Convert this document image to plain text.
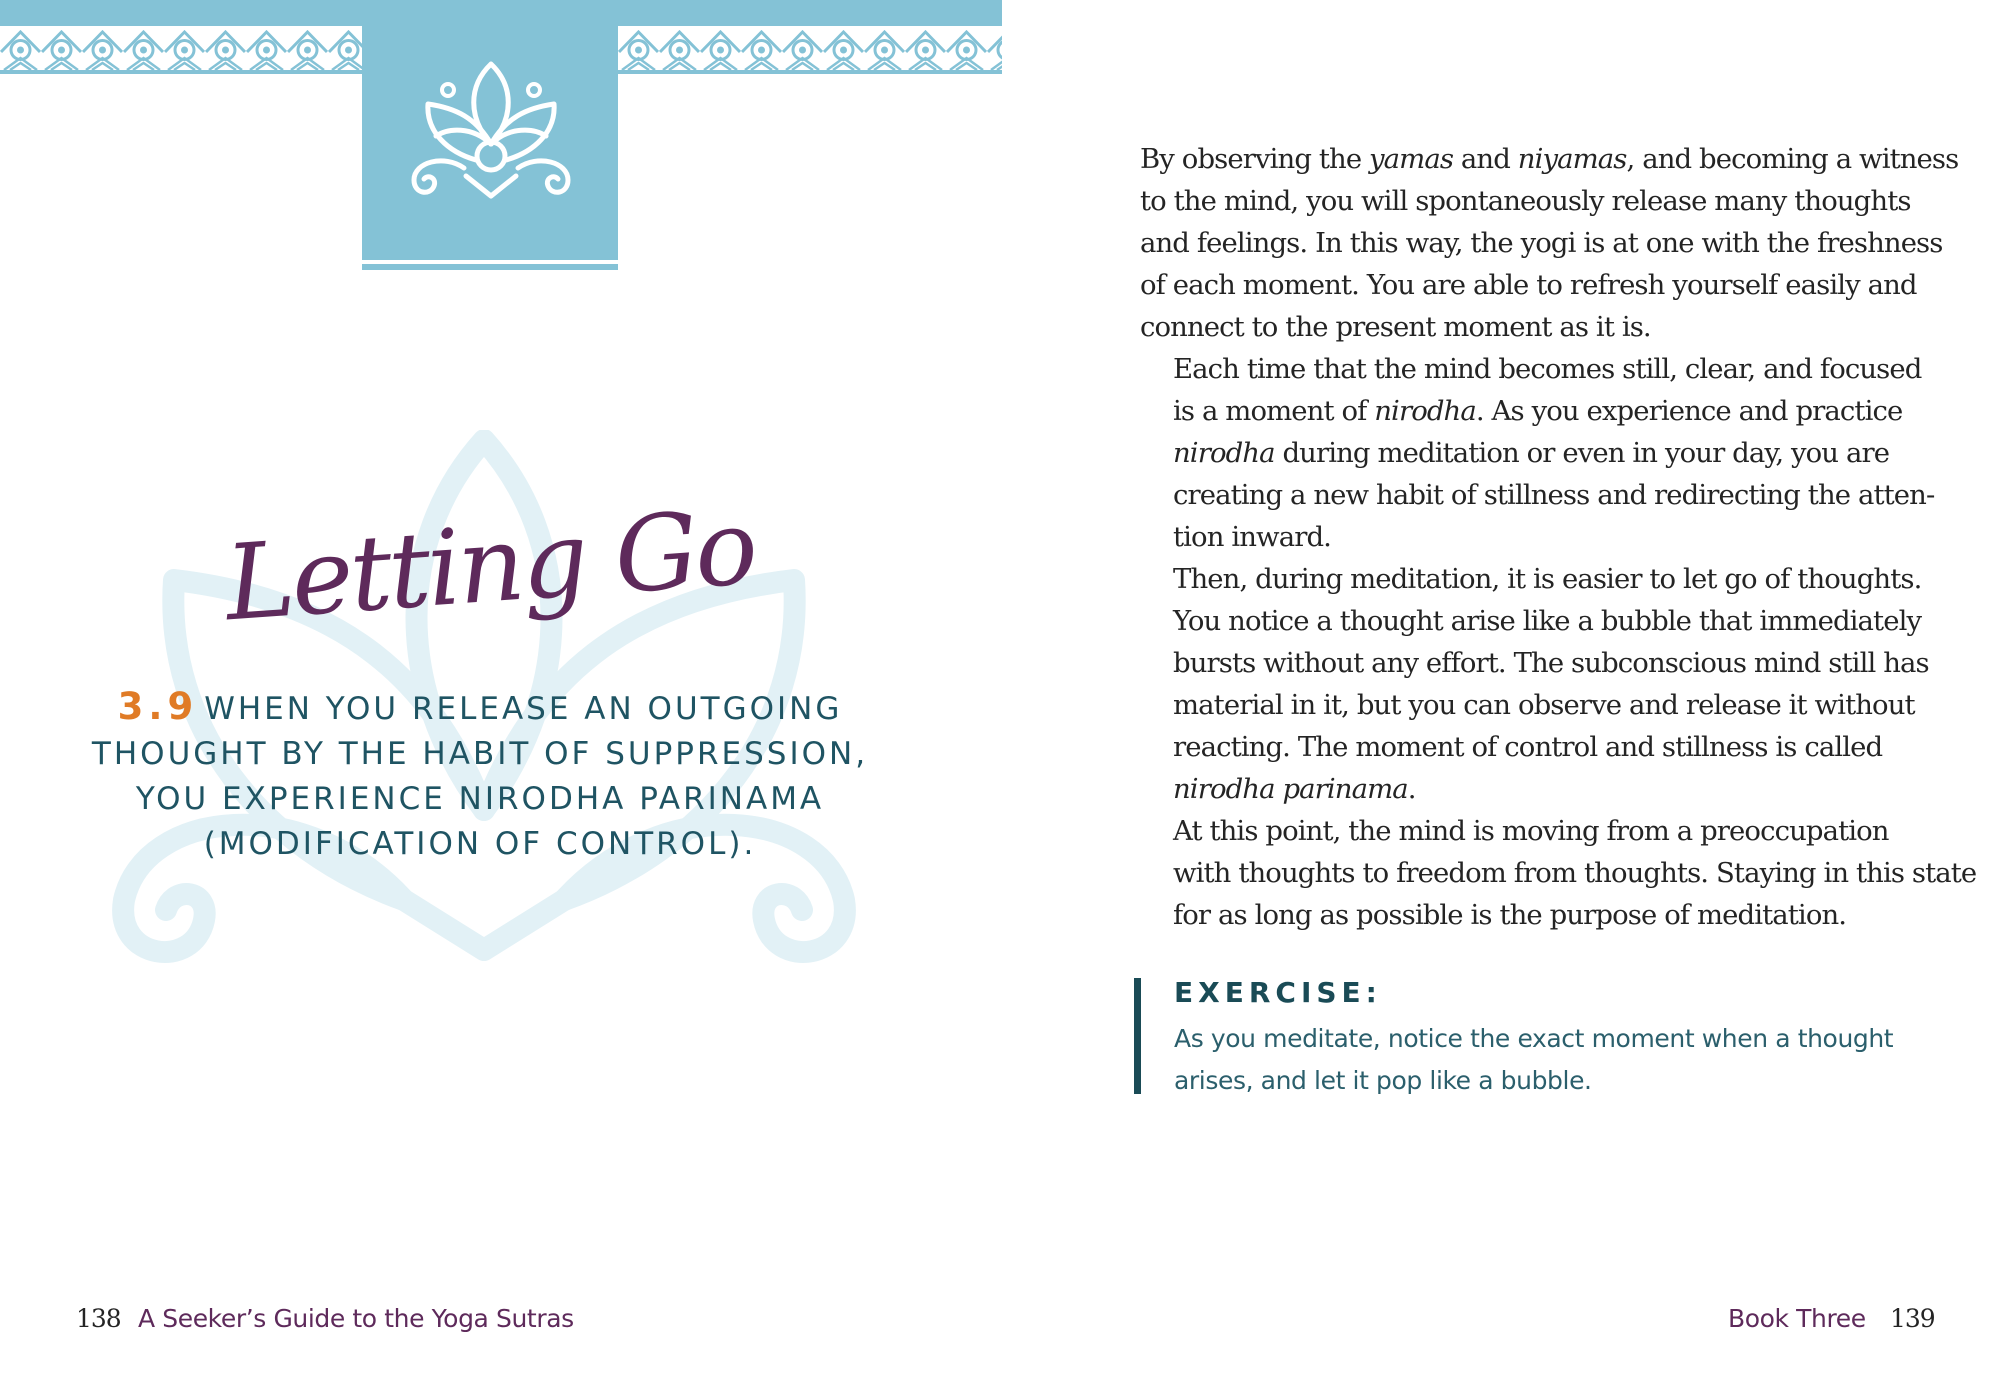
Letting Go
3.9 WHEN YOU RELEASE AN OUTGOING
THOUGHT BY THE HABIT OF SUPPRESSION,
YOU EXPERIENCE NIRODHA PARINAMA
(MODIFICATION OF CONTROL).
138 A Seeker’s Guide to the Yoga Sutras

By observing the yamas and niyamas, and becoming a witness
to the mind, you will spontaneously release many thoughts
and feelings. In this way, the yogi is at one with the freshness
of each moment. You are able to refresh yourself easily and
connect to the present moment as it is.

Each time that the mind becomes still, clear, and focused
is a moment of nirodha. As you experience and practice
nirodha during meditation or even in your day, you are
creating a new habit of stillness and redirecting the atten-
tion inward.

Then, during meditation, it is easier to let go of thoughts.
You notice a thought arise like a bubble that immediately
bursts without any effort. The subconscious mind still has
material in it, but you can observe and release it without
reacting. The moment of control and stillness is called
nirodha parinama.

At this point, the mind is moving from a preoccupation
with thoughts to freedom from thoughts. Staying in this state
for as long as possible is the purpose of meditation.

EXERCISE:
As you meditate, notice the exact moment when a thought
arises, and let it pop like a bubble.
Book Three 139
